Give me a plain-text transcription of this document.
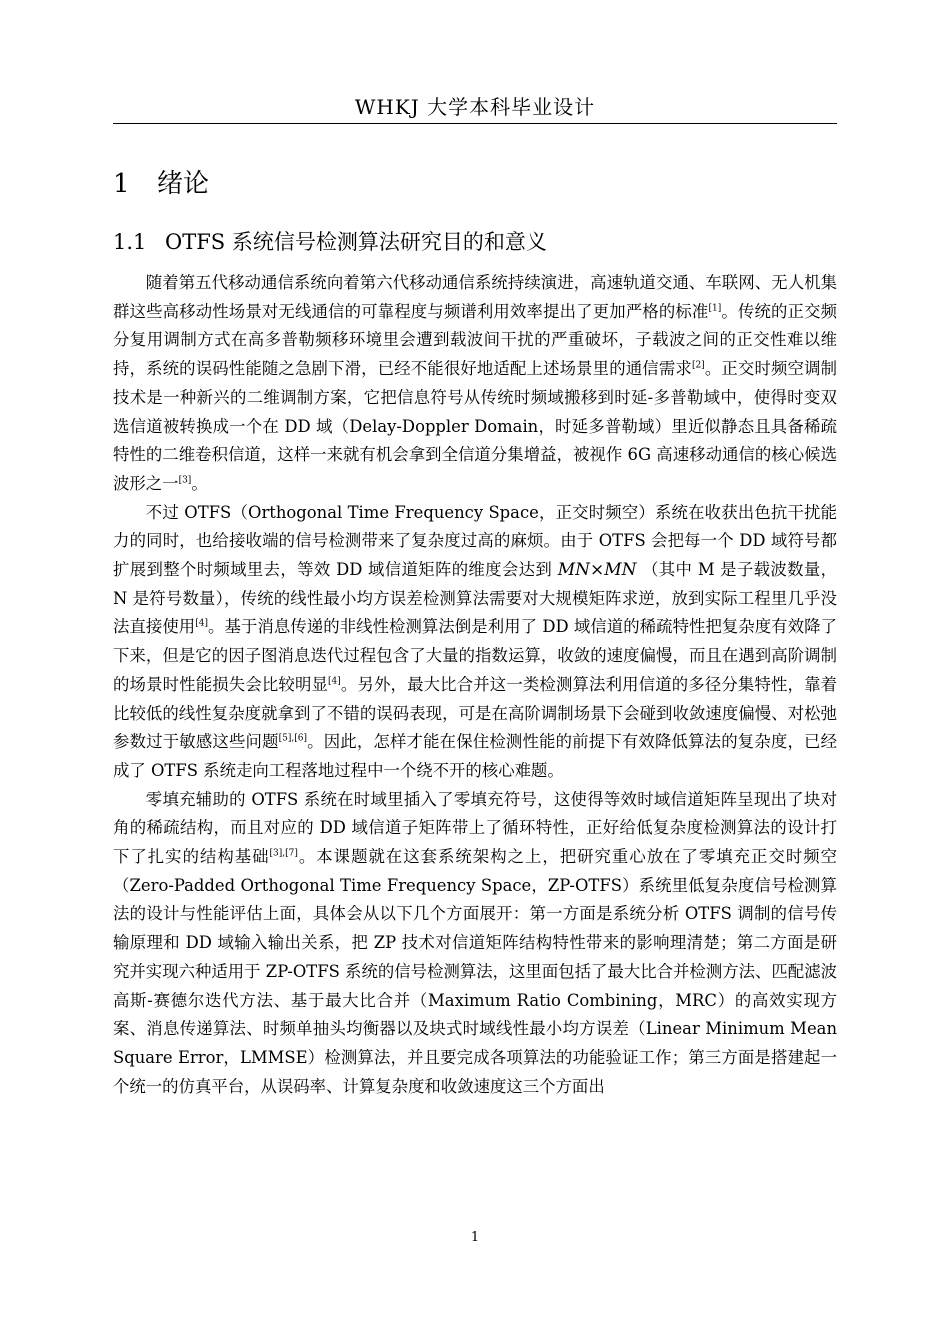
WHKJ 大学本科毕业设计
1 绪论
1.1 OTFS 系统信号检测算法研究目的和意义

随着第五代移动通信系统向着第六代移动通信系统持续演进，高速轨道交通、车联网、无人机集群这些高移动性场景对无线通信的可靠程度与频谱利用效率提出了更加严格的标准[1]。传统的正交频分复用调制方式在高多普勒频移环境里会遭到载波间干扰的严重破坏，子载波之间的正交性难以维持，系统的误码性能随之急剧下滑，已经不能很好地适配上述场景里的通信需求[2]。正交时频空调制技术是一种新兴的二维调制方案，它把信息符号从传统时频域搬移到时延-多普勒域中，使得时变双选信道被转换成一个在 DD 域（Delay-Doppler Domain，时延多普勒域）里近似静态且具备稀疏特性的二维卷积信道，这样一来就有机会拿到全信道分集增益，被视作 6G 高速移动通信的核心候选波形之一[3]。

不过 OTFS（Orthogonal Time Frequency Space，正交时频空）系统在收获出色抗干扰能力的同时，也给接收端的信号检测带来了复杂度过高的麻烦。由于 OTFS 会把每一个 DD 域符号都扩展到整个时频域里去，等效 DD 域信道矩阵的维度会达到 MN×MN （其中 M 是子载波数量，N 是符号数量），传统的线性最小均方误差检测算法需要对大规模矩阵求逆，放到实际工程里几乎没法直接使用[4]。基于消息传递的非线性检测算法倒是利用了 DD 域信道的稀疏特性把复杂度有效降了下来，但是它的因子图消息迭代过程包含了大量的指数运算，收敛的速度偏慢，而且在遇到高阶调制的场景时性能损失会比较明显[4]。另外，最大比合并这一类检测算法利用信道的多径分集特性，靠着比较低的线性复杂度就拿到了不错的误码表现，可是在高阶调制场景下会碰到收敛速度偏慢、对松弛参数过于敏感这些问题[5],[6]。因此，怎样才能在保住检测性能的前提下有效降低算法的复杂度，已经成了 OTFS 系统走向工程落地过程中一个绕不开的核心难题。

零填充辅助的 OTFS 系统在时域里插入了零填充符号，这使得等效时域信道矩阵呈现出了块对角的稀疏结构，而且对应的 DD 域信道子矩阵带上了循环特性，正好给低复杂度检测算法的设计打下了扎实的结构基础[3],[7]。本课题就在这套系统架构之上，把研究重心放在了零填充正交时频空（Zero-Padded Orthogonal Time Frequency Space，ZP-OTFS）系统里低复杂度信号检测算法的设计与性能评估上面，具体会从以下几个方面展开：第一方面是系统分析 OTFS 调制的信号传输原理和 DD 域输入输出关系，把 ZP 技术对信道矩阵结构特性带来的影响理清楚；第二方面是研究并实现六种适用于 ZP-OTFS 系统的信号检测算法，这里面包括了最大比合并检测方法、匹配滤波高斯-赛德尔迭代方法、基于最大比合并（Maximum Ratio Combining，MRC）的高效实现方案、消息传递算法、时频单抽头均衡器以及块式时域线性最小均方误差（Linear Minimum Mean Square Error，LMMSE）检测算法，并且要完成各项算法的功能验证工作；第三方面是搭建起一个统一的仿真平台，从误码率、计算复杂度和收敛速度这三个方面出

1
